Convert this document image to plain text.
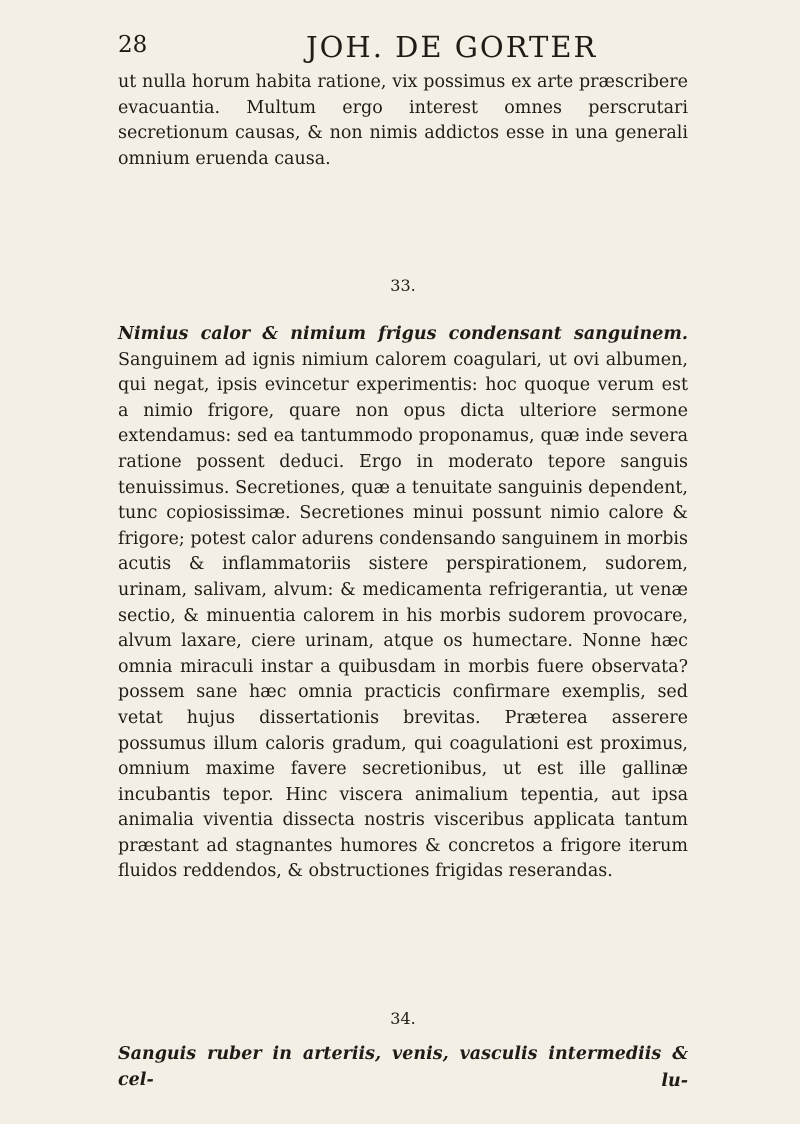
28	JOH. DE GORTER

ut nulla horum habita ratione, vix possimus ex arte præscribere evacuantia. Multum ergo interest omnes perscrutari secretionum causas, & non nimis addictos esse in una generali omnium eruenda causa.

33.

Nimius calor & nimium frigus condensant sanguinem. Sanguinem ad ignis nimium calorem coagulari, ut ovi albumen, qui negat, ipsis evincetur experimentis: hoc quoque verum est a nimio frigore, quare non opus dicta ulteriore sermone extendamus: sed ea tantummodo proponamus, quæ inde severa ratione possent deduci. Ergo in moderato tepore sanguis tenuissimus. Secretiones, quæ a tenuitate sanguinis dependent, tunc copiosissimæ. Secretiones minui possunt nimio calore & frigore; potest calor adurens condensando sanguinem in morbis acutis & inflammatoriis sistere perspirationem, sudorem, urinam, salivam, alvum: & medicamenta refrigerantia, ut venæ sectio, & minuentia calorem in his morbis sudorem provocare, alvum laxare, ciere urinam, atque os humectare. Nonne hæc omnia miraculi instar a quibusdam in morbis fuere observata? possem sane hæc omnia practicis confirmare exemplis, sed vetat hujus dissertationis brevitas. Præterea asserere possumus illum caloris gradum, qui coagulationi est proximus, omnium maxime favere secretionibus, ut est ille gallinæ incubantis tepor. Hinc viscera animalium tepentia, aut ipsa animalia viventia dissecta nostris visceribus applicata tantum præstant ad stagnantes humores & concretos a frigore iterum fluidos reddendos, & obstructiones frigidas reserandas.

34.

Sanguis ruber in arteriis, venis, vasculis intermediis & cel-	lu-
